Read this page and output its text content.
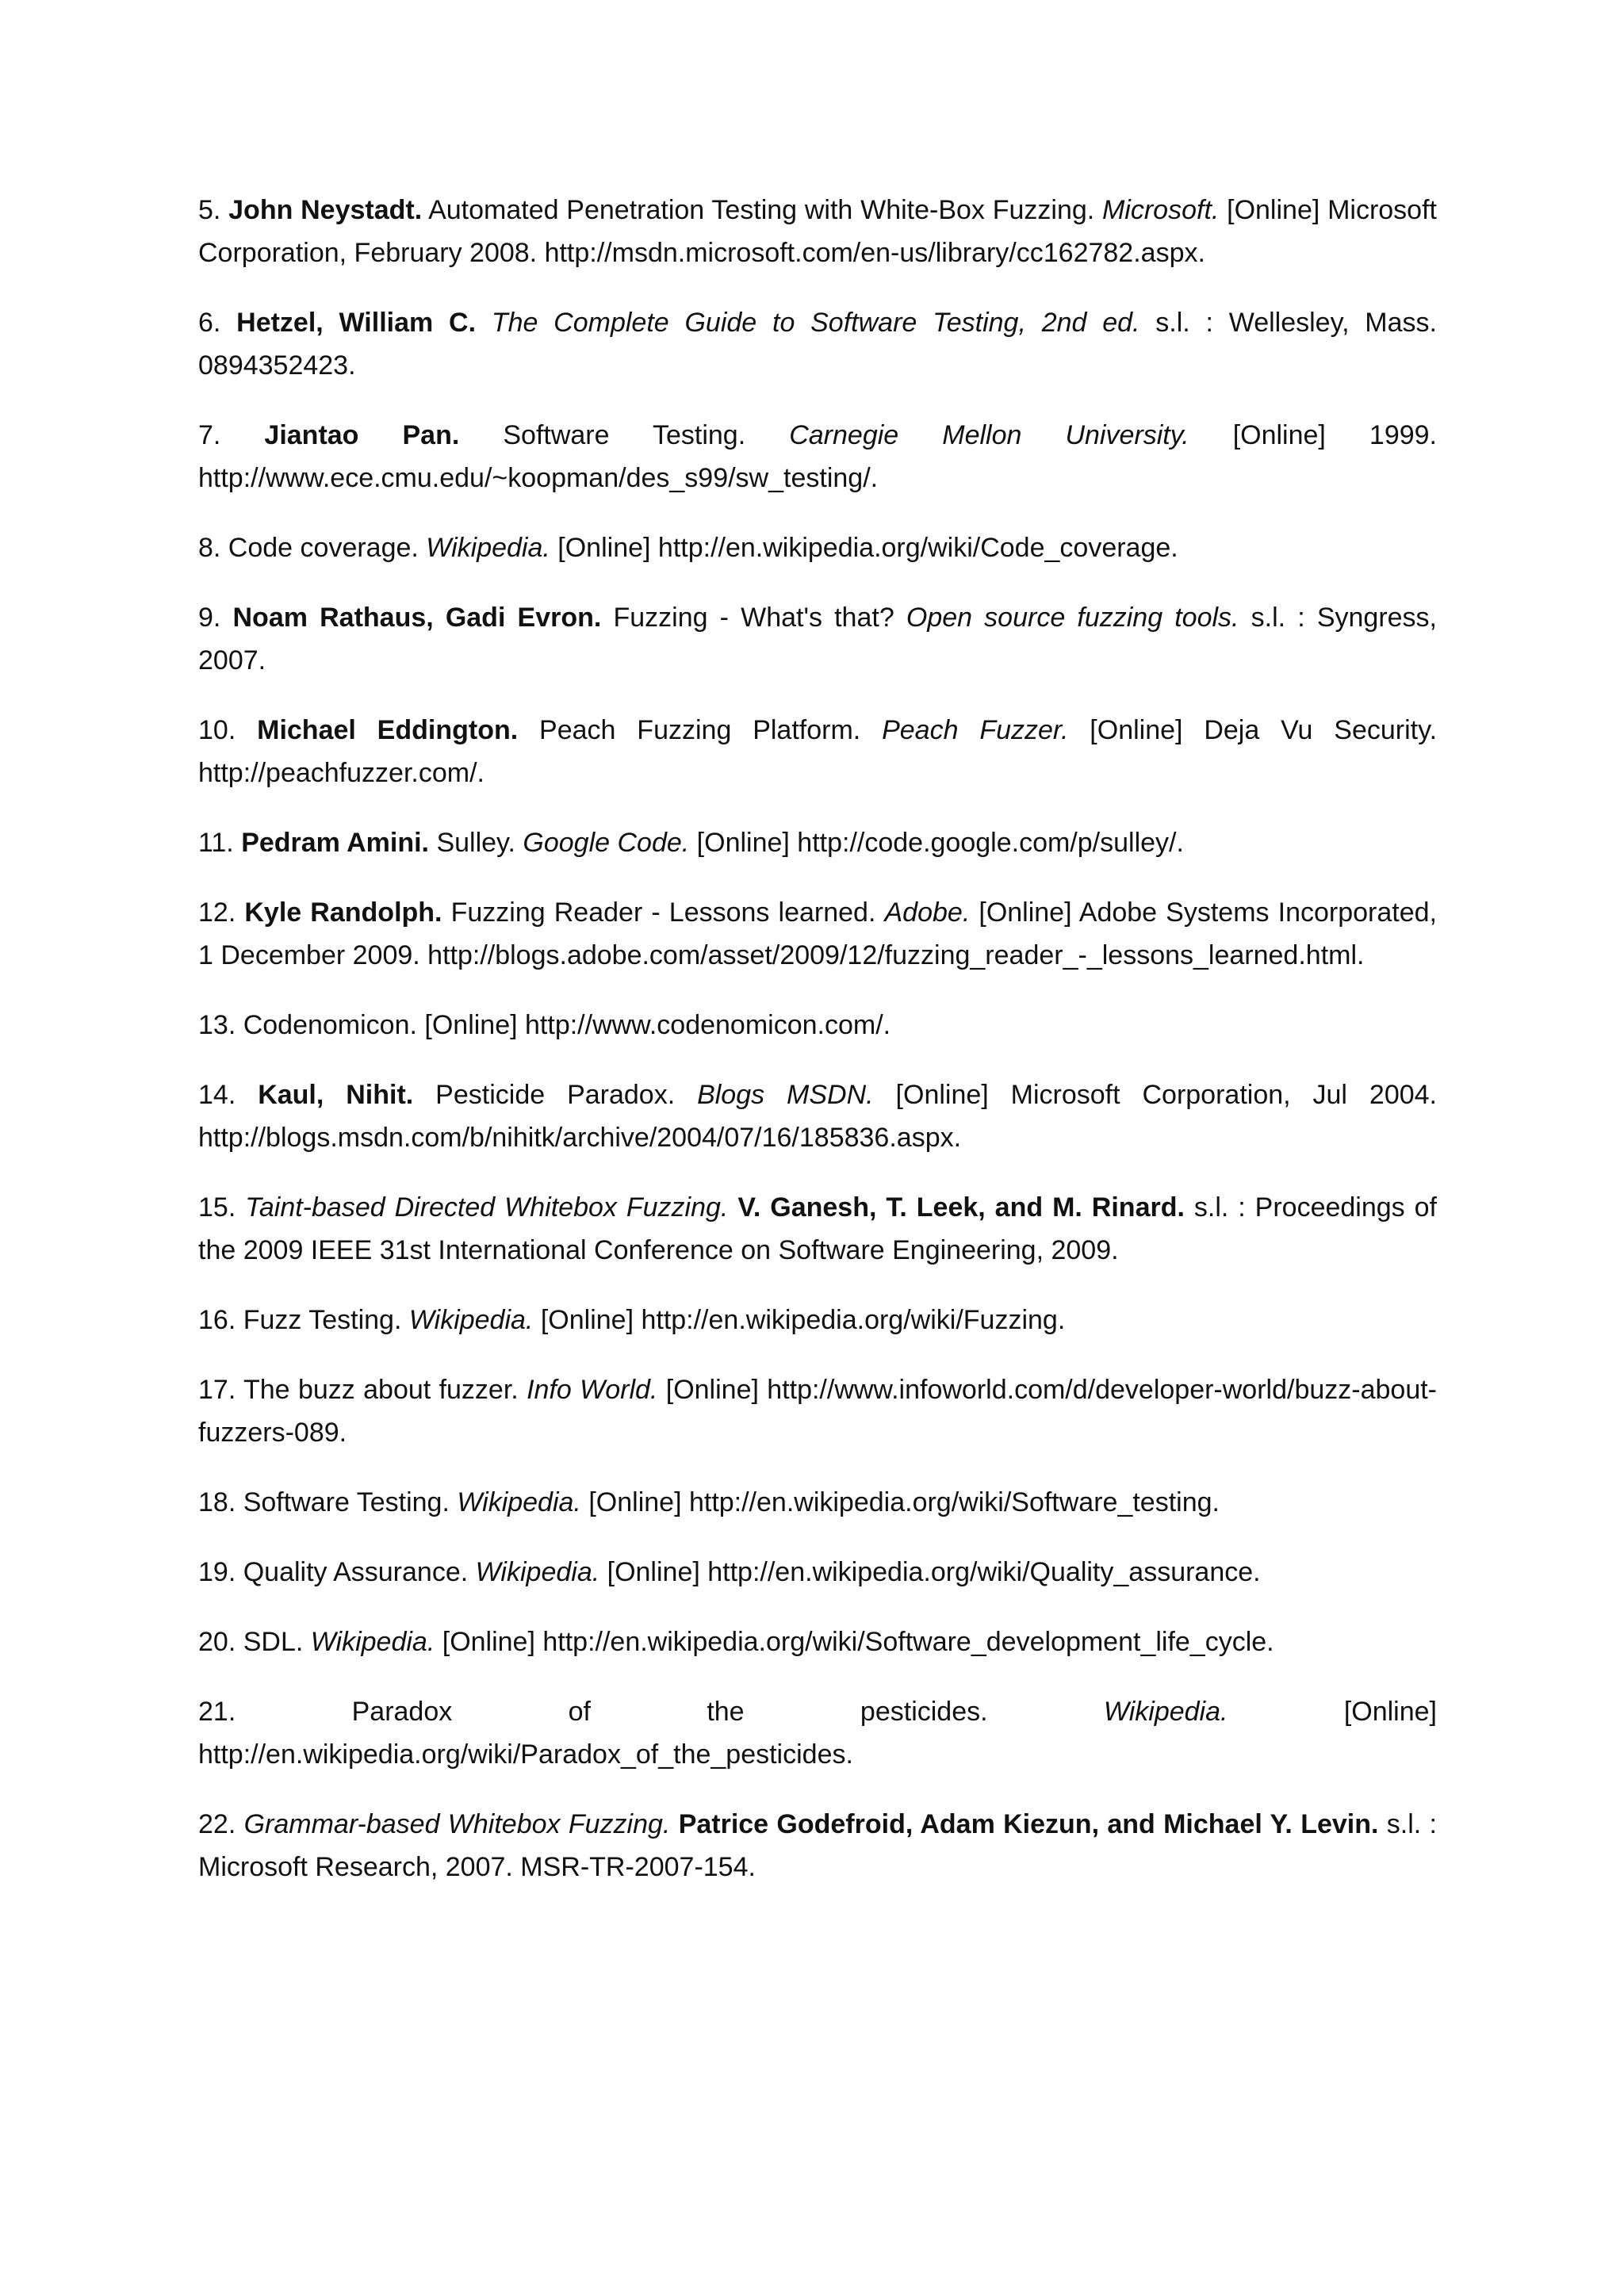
5. John Neystadt. Automated Penetration Testing with White-Box Fuzzing. Microsoft. [Online] Microsoft Corporation, February 2008. http://msdn.microsoft.com/en-us/library/cc162782.aspx.

6. Hetzel, William C. The Complete Guide to Software Testing, 2nd ed. s.l. : Wellesley, Mass. 0894352423.

7. Jiantao Pan. Software Testing. Carnegie Mellon University. [Online] 1999. http://www.ece.cmu.edu/~koopman/des_s99/sw_testing/.

8. Code coverage. Wikipedia. [Online] http://en.wikipedia.org/wiki/Code_coverage.

9. Noam Rathaus, Gadi Evron. Fuzzing - What's that? Open source fuzzing tools. s.l. : Syngress, 2007.

10. Michael Eddington. Peach Fuzzing Platform. Peach Fuzzer. [Online] Deja Vu Security. http://peachfuzzer.com/.

11. Pedram Amini. Sulley. Google Code. [Online] http://code.google.com/p/sulley/.

12. Kyle Randolph. Fuzzing Reader - Lessons learned. Adobe. [Online] Adobe Systems Incorporated, 1 December 2009. http://blogs.adobe.com/asset/2009/12/fuzzing_reader_-_lessons_learned.html.

13. Codenomicon. [Online] http://www.codenomicon.com/.

14. Kaul, Nihit. Pesticide Paradox. Blogs MSDN. [Online] Microsoft Corporation, Jul 2004. http://blogs.msdn.com/b/nihitk/archive/2004/07/16/185836.aspx.

15. Taint-based Directed Whitebox Fuzzing. V. Ganesh, T. Leek, and M. Rinard. s.l. : Proceedings of the 2009 IEEE 31st International Conference on Software Engineering, 2009.

16. Fuzz Testing. Wikipedia. [Online] http://en.wikipedia.org/wiki/Fuzzing.

17. The buzz about fuzzer. Info World. [Online] http://www.infoworld.com/d/developer-world/buzz-about-fuzzers-089.

18. Software Testing. Wikipedia. [Online] http://en.wikipedia.org/wiki/Software_testing.

19. Quality Assurance. Wikipedia. [Online] http://en.wikipedia.org/wiki/Quality_assurance.

20. SDL. Wikipedia. [Online] http://en.wikipedia.org/wiki/Software_development_life_cycle.

21. Paradox of the pesticides. Wikipedia. [Online] http://en.wikipedia.org/wiki/Paradox_of_the_pesticides.

22. Grammar-based Whitebox Fuzzing. Patrice Godefroid, Adam Kiezun, and Michael Y. Levin. s.l. : Microsoft Research, 2007. MSR-TR-2007-154.
